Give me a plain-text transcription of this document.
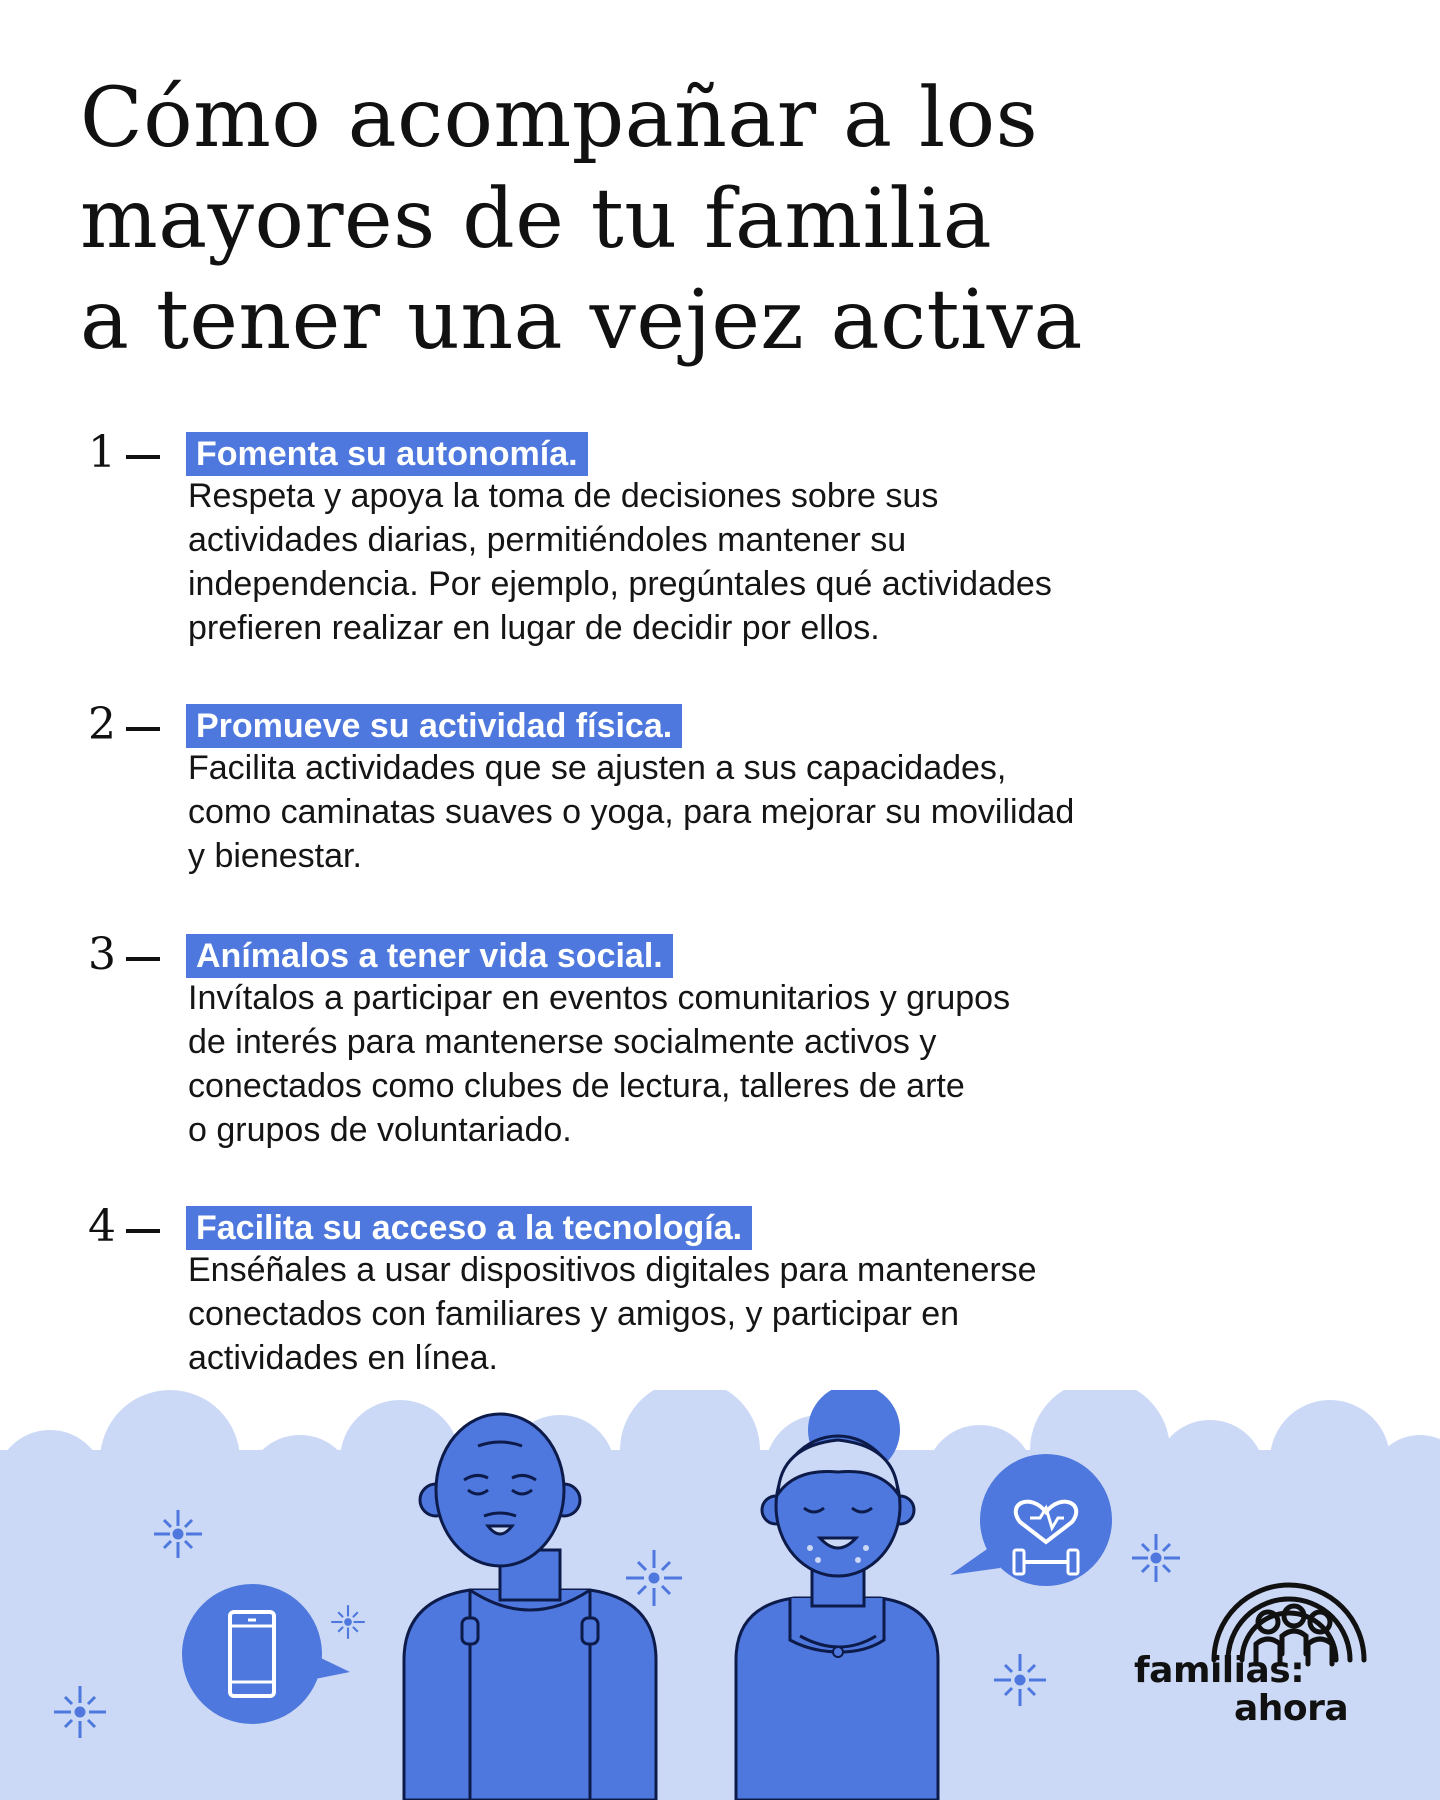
Cómo acompañar a los
mayores de tu familia
a tener una vejez activa
1 Fomenta su autonomía.

Respeta y apoya la toma de decisiones sobre sus
actividades diarias, permitiéndoles mantener su
independencia. Por ejemplo, pregúntales qué actividades
prefieren realizar en lugar de decidir por ellos.

2 Promueve su actividad física.

Facilita actividades que se ajusten a sus capacidades,
como caminatas suaves o yoga, para mejorar su movilidad
y bienestar.

3 Anímalos a tener vida social.

Invítalos a participar en eventos comunitarios y grupos
de interés para mantenerse socialmente activos y
conectados como clubes de lectura, talleres de arte
o grupos de voluntariado.

4 Facilita su acceso a la tecnología.

Enséñales a usar dispositivos digitales para mantenerse
conectados con familiares y amigos, y participar en
actividades en línea.

familias:
ahora
